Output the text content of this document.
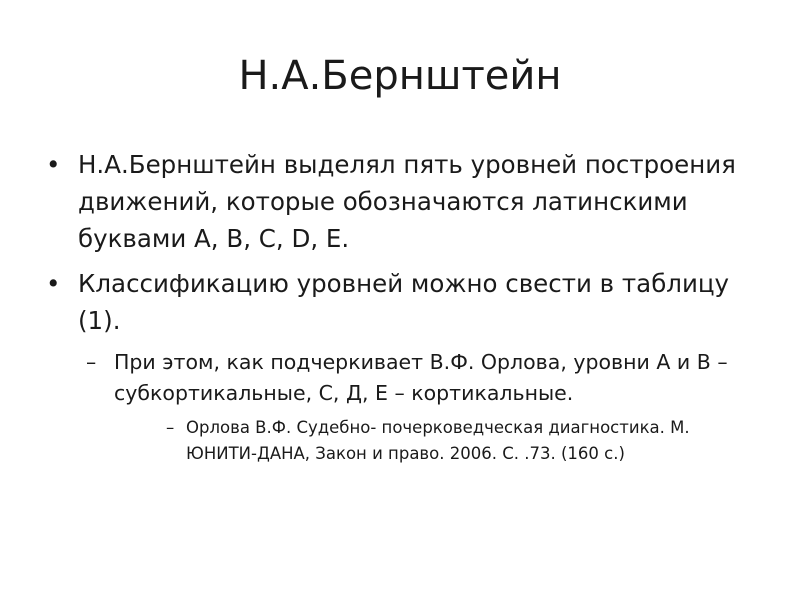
Н.А.Бернштейн
• Н.А.Бернштейн выделял пять уровней построения движений, которые обозначаются латинскими буквами А, В, С, D, Е.
• Классификацию уровней можно свести в таблицу (1).
– При этом, как подчеркивает В.Ф. Орлова, уровни А и В – субкортикальные, С, Д, Е – кортикальные.
– Орлова В.Ф. Судебно- почерковедческая диагностика. М. ЮНИТИ-ДАНА, Закон и право. 2006. С. .73. (160 с.)
